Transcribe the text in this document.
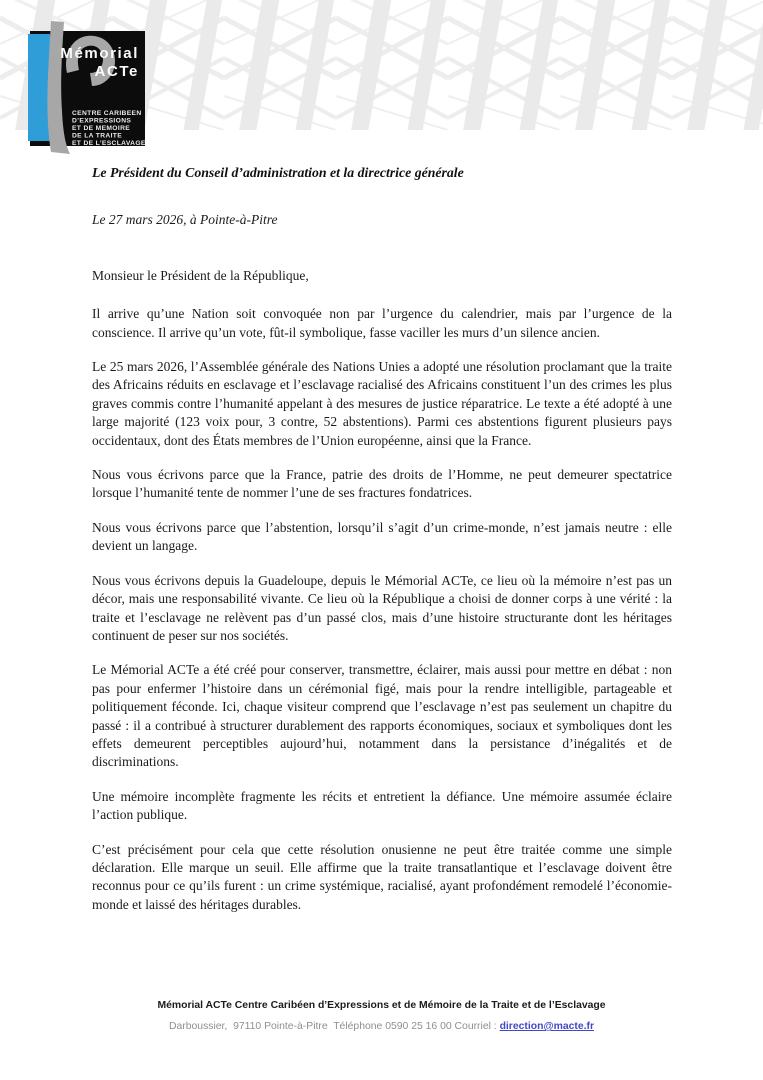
Mémorial
ACTe
CENTRE CARIBEEN
D’EXPRESSIONS
ET DE MEMOIRE
DE LA TRAITE
ET DE L’ESCLAVAGE
Le Président du Conseil d’administration et la directrice générale

Le 27 mars 2026, à Pointe-à-Pitre

Monsieur le Président de la République,

Il arrive qu’une Nation soit convoquée non par l’urgence du calendrier, mais par l’urgence de la conscience. Il arrive qu’un vote, fût-il symbolique, fasse vaciller les murs d’un silence ancien.

Le 25 mars 2026, l’Assemblée générale des Nations Unies a adopté une résolution proclamant que la traite des Africains réduits en esclavage et l’esclavage racialisé des Africains constituent l’un des crimes les plus graves commis contre l’humanité appelant à des mesures de justice réparatrice. Le texte a été adopté à une large majorité (123 voix pour, 3 contre, 52 abstentions). Parmi ces abstentions figurent plusieurs pays occidentaux, dont des États membres de l’Union européenne, ainsi que la France.

Nous vous écrivons parce que la France, patrie des droits de l’Homme, ne peut demeurer spectatrice lorsque l’humanité tente de nommer l’une de ses fractures fondatrices.

Nous vous écrivons parce que l’abstention, lorsqu’il s’agit d’un crime-monde, n’est jamais neutre : elle devient un langage.

Nous vous écrivons depuis la Guadeloupe, depuis le Mémorial ACTe, ce lieu où la mémoire n’est pas un décor, mais une responsabilité vivante. Ce lieu où la République a choisi de donner corps à une vérité : la traite et l’esclavage ne relèvent pas d’un passé clos, mais d’une histoire structurante dont les héritages continuent de peser sur nos sociétés.

Le Mémorial ACTe a été créé pour conserver, transmettre, éclairer, mais aussi pour mettre en débat : non pas pour enfermer l’histoire dans un cérémonial figé, mais pour la rendre intelligible, partageable et politiquement féconde. Ici, chaque visiteur comprend que l’esclavage n’est pas seulement un chapitre du passé : il a contribué à structurer durablement des rapports économiques, sociaux et symboliques dont les effets demeurent perceptibles aujourd’hui, notamment dans la persistance d’inégalités et de discriminations.

Une mémoire incomplète fragmente les récits et entretient la défiance. Une mémoire assumée éclaire l’action publique.

C’est précisément pour cela que cette résolution onusienne ne peut être traitée comme une simple déclaration. Elle marque un seuil. Elle affirme que la traite transatlantique et l’esclavage doivent être reconnus pour ce qu’ils furent : un crime systémique, racialisé, ayant profondément remodelé l’économie-monde et laissé des héritages durables.

Mémorial ACTe Centre Caribéen d’Expressions et de Mémoire de la Traite et de l’Esclavage
Darboussier,  97110 Pointe-à-Pitre  Téléphone 0590 25 16 00 Courriel : direction@macte.fr
